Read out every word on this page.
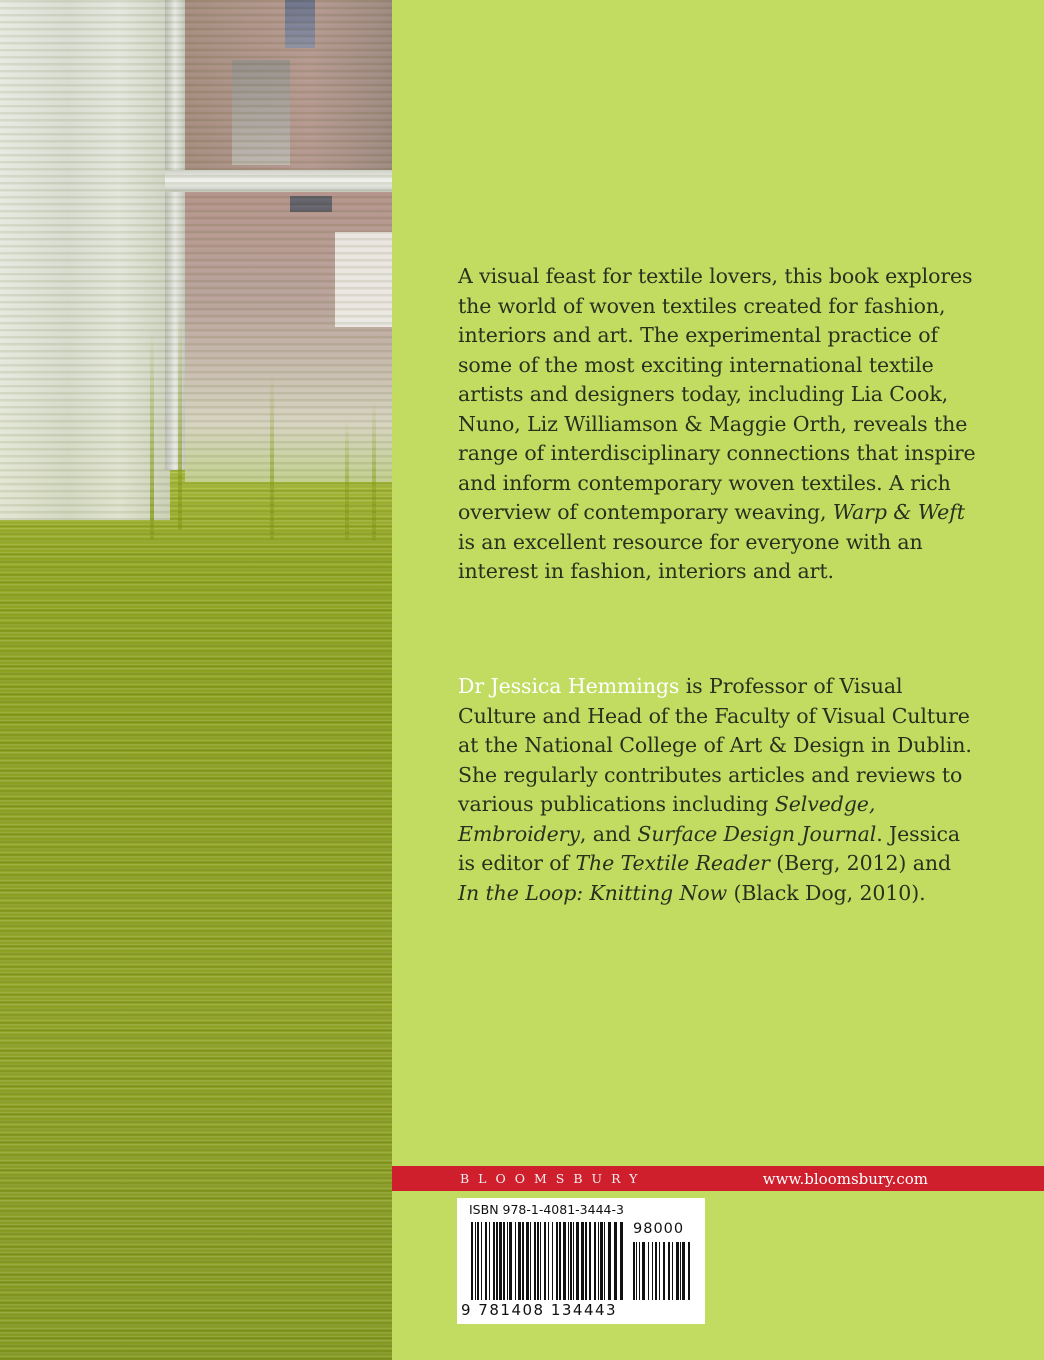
A visual feast for textile lovers, this book explores
the world of woven textiles created for fashion,
interiors and art. The experimental practice of
some of the most exciting international textile
artists and designers today, including Lia Cook,
Nuno, Liz Williamson & Maggie Orth, reveals the
range of interdisciplinary connections that inspire
and inform contemporary woven textiles. A rich
overview of contemporary weaving, Warp & Weft
is an excellent resource for everyone with an
interest in fashion, interiors and art.
Dr Jessica Hemmings is Professor of Visual
Culture and Head of the Faculty of Visual Culture
at the National College of Art & Design in Dublin.
She regularly contributes articles and reviews to
various publications including Selvedge,
Embroidery, and Surface Design Journal. Jessica
is editor of The Textile Reader (Berg, 2012) and
In the Loop: Knitting Now (Black Dog, 2010).
BLOOMSBURY	www.bloomsbury.com
ISBN 978-1-4081-3444-3
98000
9 781408 134443
